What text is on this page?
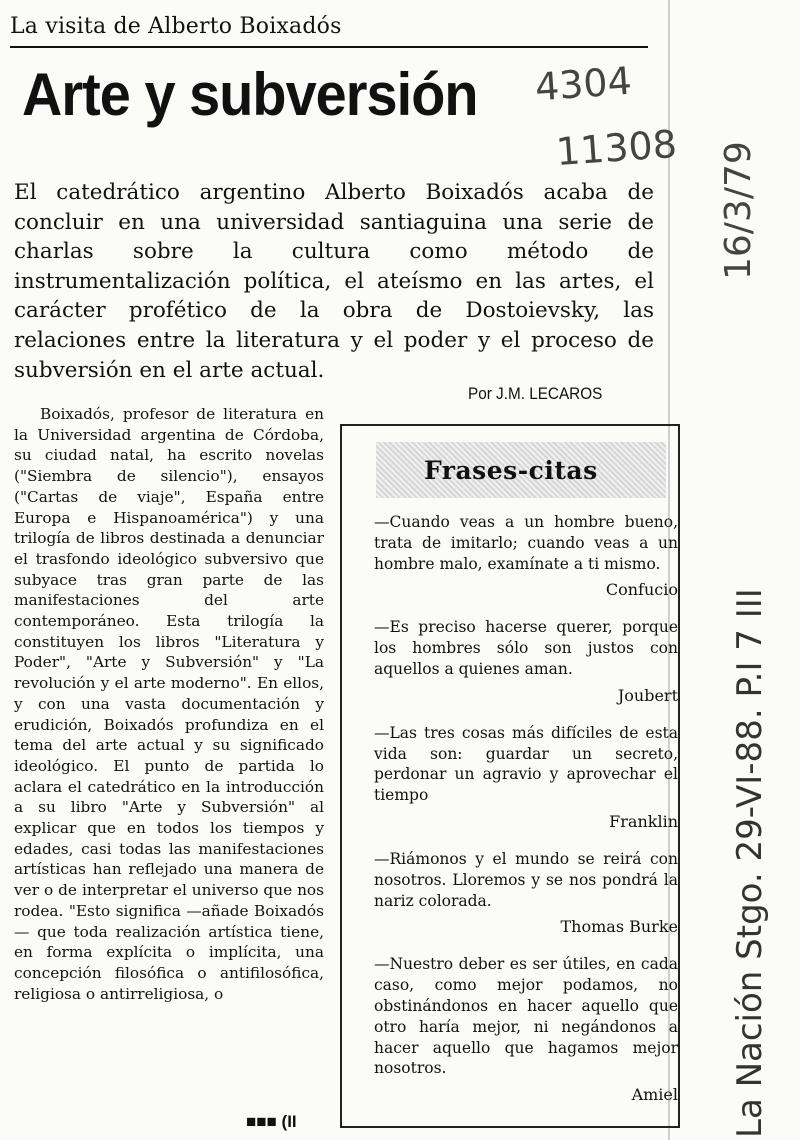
La visita de Alberto Boixadós
Arte y subversión
El catedrático argentino Alberto Boixadós acaba de concluir en una universidad santiaguina una serie de charlas sobre la cultura como método de instrumentalización política, el ateísmo en las artes, el carácter profético de la obra de Dostoievsky, las relaciones entre la literatura y el poder y el proceso de subversión en el arte actual.
Por J.M. LECAROS

Boixadós, profesor de literatura en la Universidad argentina de Córdoba, su ciudad natal, ha escrito novelas ("Siembra de silencio"), ensayos ("Cartas de viaje", España entre Europa e Hispanoamérica") y una trilogía de libros destinada a denunciar el trasfondo ideológico subversivo que subyace tras gran parte de las manifestaciones del arte contemporáneo. Esta trilogía la constituyen los libros "Literatura y Poder", "Arte y Subversión" y "La revolución y el arte moderno". En ellos, y con una vasta documentación y erudición, Boixadós profundiza en el tema del arte actual y su significado ideológico. El punto de partida lo aclara el catedrático en la introducción a su libro "Arte y Subversión" al explicar que en todos los tiempos y edades, casi todas las manifestaciones artísticas han reflejado una manera de ver o de interpretar el universo que nos rodea. "Esto significa —añade Boixadós— que toda realización artística tiene, en forma explícita o implícita, una concepción filosófica o antifilosófica, religiosa o antirreligiosa, o

Frases-citas
—Cuando veas a un hombre bueno, trata de imitarlo; cuando veas a un hombre malo, examínate a ti mismo.
Confucio
—Es preciso hacerse querer, porque los hombres sólo son justos con aquellos a quienes aman.
Joubert
—Las tres cosas más difíciles de esta vida son: guardar un secreto, perdonar un agravio y aprovechar el tiempo
Franklin
—Riámonos y el mundo se reirá con nosotros. Lloremos y se nos pondrá la nariz colorada.
Thomas Burke
—Nuestro deber es ser útiles, en cada caso, como mejor podamos, no obstinándonos en hacer aquello que otro haría mejor, ni negándonos a hacer aquello que hagamos mejor nosotros.
Amiel
■■■ (II
4304
11308 16/3/79
La Nación Stgo. 29-VI-88. P.I 7 III
